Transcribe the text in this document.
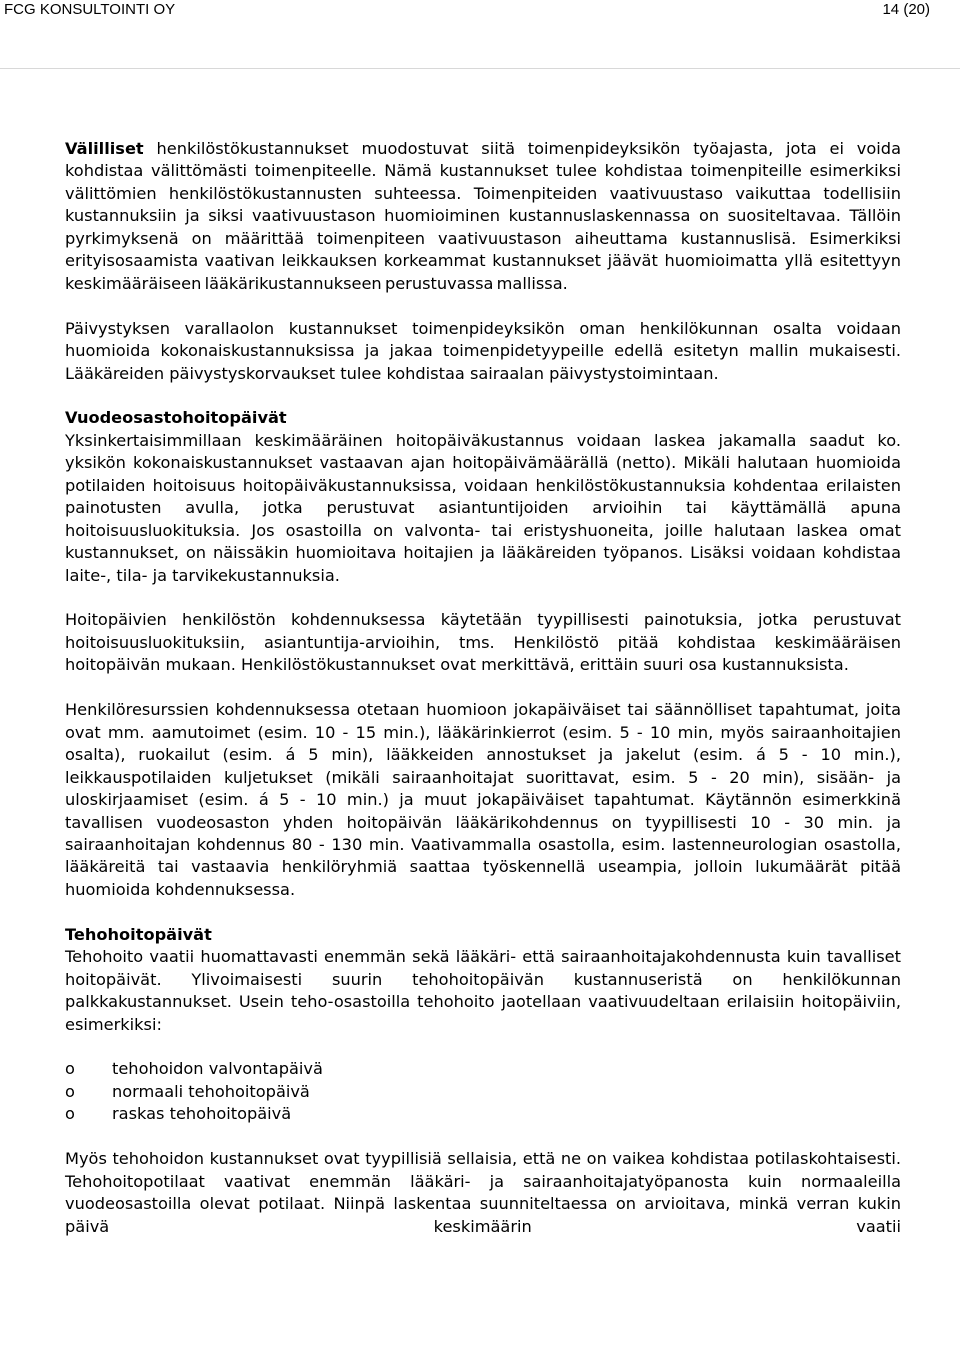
FCG KONSULTOINTI OY	14 (20)

Välilliset henkilöstökustannukset muodostuvat siitä toimenpideyksikön työajasta, jota ei voida kohdistaa välittömästi toimenpiteelle. Nämä kustannukset tulee kohdistaa toimenpiteille esimerkiksi välittömien henkilöstökustannusten suhteessa. Toimenpiteiden vaativuustaso vaikuttaa todellisiin kustannuksiin ja siksi vaativuustason huomioiminen kustannuslaskennassa on suositeltavaa. Tällöin pyrkimyksenä on määrittää toimenpiteen vaativuustason aiheuttama kustannuslisä. Esimerkiksi erityisosaamista vaativan leikkauksen korkeammat kustannukset jäävät huomioimatta yllä esitettyyn keskimääräiseen lääkärikustannukseen perustuvassa mallissa.

Päivystyksen varallaolon kustannukset toimenpideyksikön oman henkilökunnan osalta voidaan huomioida kokonaiskustannuksissa ja jakaa toimenpidetyypeille edellä esitetyn mallin mukaisesti. Lääkäreiden päivystyskorvaukset tulee kohdistaa sairaalan päivystystoimintaan.

Vuodeosastohoitopäivät

Yksinkertaisimmillaan keskimääräinen hoitopäiväkustannus voidaan laskea jakamalla saadut ko. yksikön kokonaiskustannukset vastaavan ajan hoitopäivämäärällä (netto). Mikäli halutaan huomioida potilaiden hoitoisuus hoitopäiväkustannuksissa, voidaan henkilöstökustannuksia kohdentaa erilaisten painotusten avulla, jotka perustuvat asiantuntijoiden arvioihin tai käyttämällä apuna hoitoisuusluokituksia. Jos osastoilla on valvonta- tai eristyshuoneita, joille halutaan laskea omat kustannukset, on näissäkin huomioitava hoitajien ja lääkäreiden työpanos. Lisäksi voidaan kohdistaa laite-, tila- ja tarvikekustannuksia.

Hoitopäivien henkilöstön kohdennuksessa käytetään tyypillisesti painotuksia, jotka perustuvat hoitoisuusluokituksiin, asiantuntija-arvioihin, tms. Henkilöstö pitää kohdistaa keskimääräisen hoitopäivän mukaan. Henkilöstökustannukset ovat merkittävä, erittäin suuri osa kustannuksista.

Henkilöresurssien kohdennuksessa otetaan huomioon jokapäiväiset tai säännölliset tapahtumat, joita ovat mm. aamutoimet (esim. 10 - 15 min.), lääkärinkierrot (esim. 5 - 10 min, myös sairaanhoitajien osalta), ruokailut (esim. á 5 min), lääkkeiden annostukset ja jakelut (esim. á 5 - 10 min.), leikkauspotilaiden kuljetukset (mikäli sairaanhoitajat suorittavat, esim. 5 - 20 min), sisään- ja uloskirjaamiset (esim. á 5 - 10 min.) ja muut jokapäiväiset tapahtumat. Käytännön esimerkkinä tavallisen vuodeosaston yhden hoitopäivän lääkärikohdennus on tyypillisesti 10 - 30 min. ja sairaanhoitajan kohdennus 80 - 130 min. Vaativammalla osastolla, esim. lastenneurologian osastolla, lääkäreitä tai vastaavia henkilöryhmiä saattaa työskennellä useampia, jolloin lukumäärät pitää huomioida kohdennuksessa.

Tehohoitopäivät

Tehohoito vaatii huomattavasti enemmän sekä lääkäri- että sairaanhoitajakohdennusta kuin tavalliset hoitopäivät. Ylivoimaisesti suurin tehohoitopäivän kustannuseristä on henkilökunnan palkkakustannukset. Usein teho-osastoilla tehohoito jaotellaan vaativuudeltaan erilaisiin hoitopäiviin, esimerkiksi:

o tehohoidon valvontapäivä
o normaali tehohoitopäivä
o raskas tehohoitopäivä

Myös tehohoidon kustannukset ovat tyypillisiä sellaisia, että ne on vaikea kohdistaa potilaskohtaisesti. Tehohoitopotilaat vaativat enemmän lääkäri- ja sairaanhoitajatyöpanosta kuin normaaleilla vuodeosastoilla olevat potilaat. Niinpä laskentaa suunniteltaessa on arvioitava, minkä verran kukin päivä keskimäärin vaatii
